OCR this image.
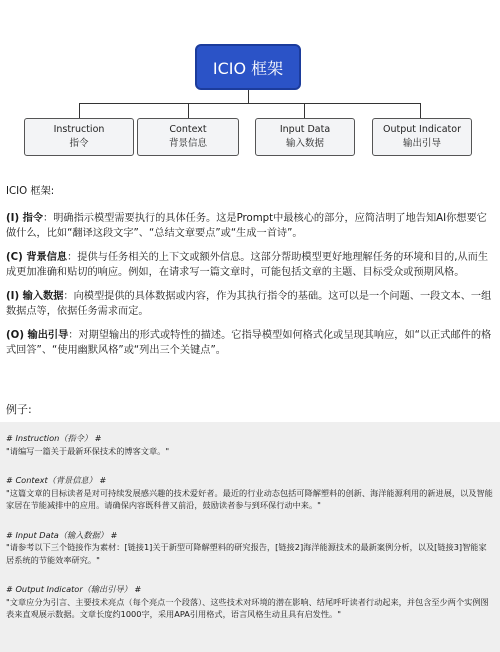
ICIO 框架
Instruction
指令
Context
背景信息
Input Data
输入数据
Output Indicator
输出引导

ICIO 框架:

(I) 指令：明确指示模型需要执行的具体任务。这是Prompt中最核心的部分，应简洁明了地告知AI你想要它做什么，比如“翻译这段文字”、“总结文章要点”或“生成一首诗”。

(C) 背景信息：提供与任务相关的上下文或额外信息。这部分帮助模型更好地理解任务的环境和目的,从而生成更加准确和贴切的响应。例如，在请求写一篇文章时，可能包括文章的主题、目标受众或预期风格。

(I) 输入数据：向模型提供的具体数据或内容，作为其执行指令的基础。这可以是一个问题、一段文本、一组数据点等，依据任务需求而定。

(O) 输出引导：对期望输出的形式或特性的描述。它指导模型如何格式化或呈现其响应，如“以正式邮件的格式回答”、“使用幽默风格”或“列出三个关键点”。

例子:
# Instruction（指令） #
"请编写一篇关于最新环保技术的博客文章。"
# Context（背景信息） #
"这篇文章的目标读者是对可持续发展感兴趣的技术爱好者。最近的行业动态包括可降解塑料的创新、海洋能源利用的新进展，以及智能家居在节能减排中的应用。请确保内容既科普又前沿，鼓励读者参与到环保行动中来。"
# Input Data（输入数据） #
"请参考以下三个链接作为素材：[链接1]关于新型可降解塑料的研究报告，[链接2]海洋能源技术的最新案例分析，以及[链接3]智能家居系统的节能效率研究。"
# Output Indicator（输出引导） #
"文章应分为引言、主要技术亮点（每个亮点一个段落）、这些技术对环境的潜在影响、结尾呼吁读者行动起来，并包含至少两个实例图表来直观展示数据。文章长度约1000字，采用APA引用格式，语言风格生动且具有启发性。"
